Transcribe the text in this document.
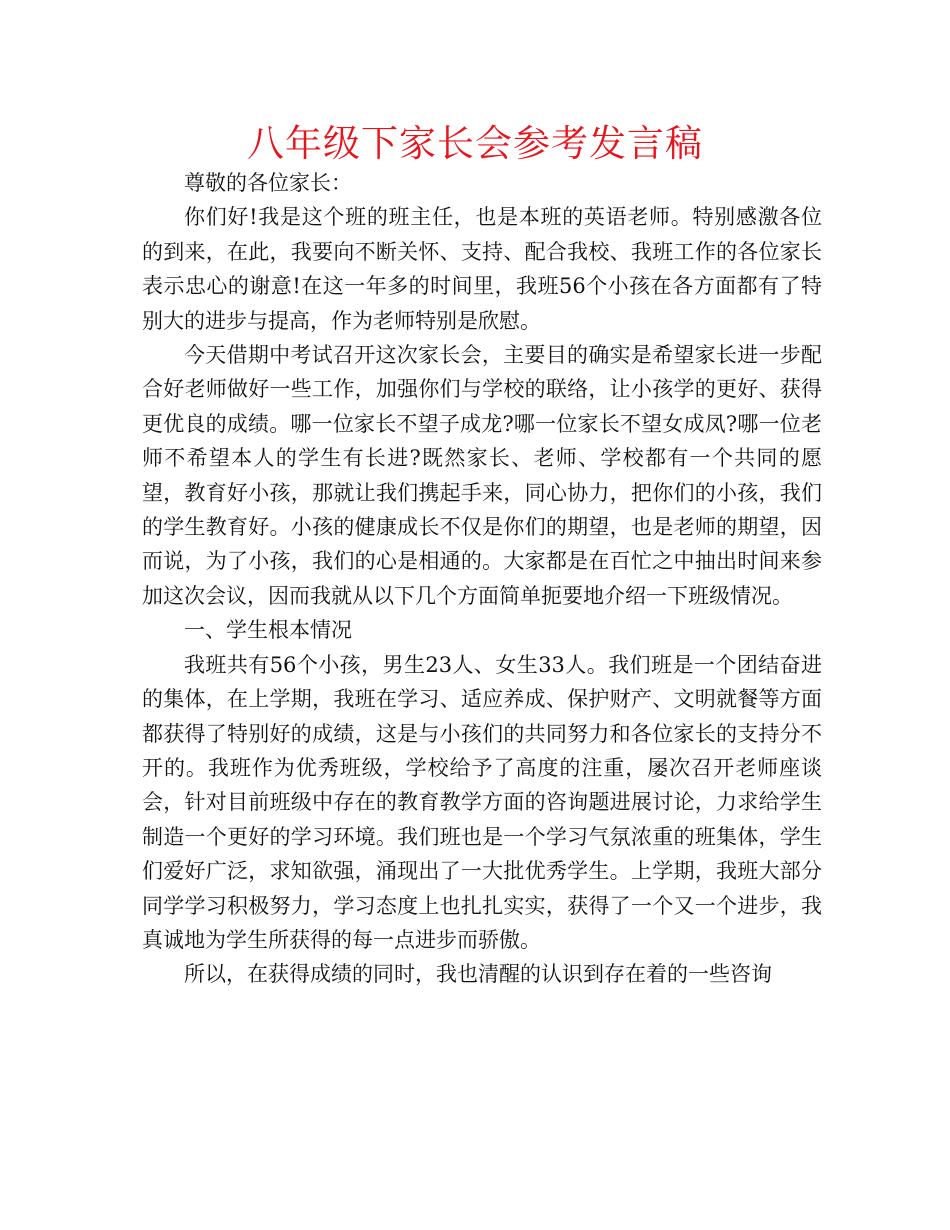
八年级下家长会参考发言稿

尊敬的各位家长：

你们好!我是这个班的班主任，也是本班的英语老师。特别感激各位的到来，在此，我要向不断关怀、支持、配合我校、我班工作的各位家长表示忠心的谢意!在这一年多的时间里，我班56个小孩在各方面都有了特别大的进步与提高，作为老师特别是欣慰。

今天借期中考试召开这次家长会，主要目的确实是希望家长进一步配合好老师做好一些工作，加强你们与学校的联络，让小孩学的更好、获得更优良的成绩。哪一位家长不望子成龙?哪一位家长不望女成凤?哪一位老师不希望本人的学生有长进?既然家长、老师、学校都有一个共同的愿望，教育好小孩，那就让我们携起手来，同心协力，把你们的小孩，我们的学生教育好。小孩的健康成长不仅是你们的期望，也是老师的期望，因而说，为了小孩，我们的心是相通的。大家都是在百忙之中抽出时间来参加这次会议，因而我就从以下几个方面简单扼要地介绍一下班级情况。

一、学生根本情况

我班共有56个小孩，男生23人、女生33人。我们班是一个团结奋进的集体，在上学期，我班在学习、适应养成、保护财产、文明就餐等方面都获得了特别好的成绩，这是与小孩们的共同努力和各位家长的支持分不开的。我班作为优秀班级，学校给予了高度的注重，屡次召开老师座谈会，针对目前班级中存在的教育教学方面的咨询题进展讨论，力求给学生制造一个更好的学习环境。我们班也是一个学习气氛浓重的班集体，学生们爱好广泛，求知欲强，涌现出了一大批优秀学生。上学期，我班大部分同学学习积极努力，学习态度上也扎扎实实，获得了一个又一个进步，我真诚地为学生所获得的每一点进步而骄傲。

所以，在获得成绩的同时，我也清醒的认识到存在着的一些咨询
